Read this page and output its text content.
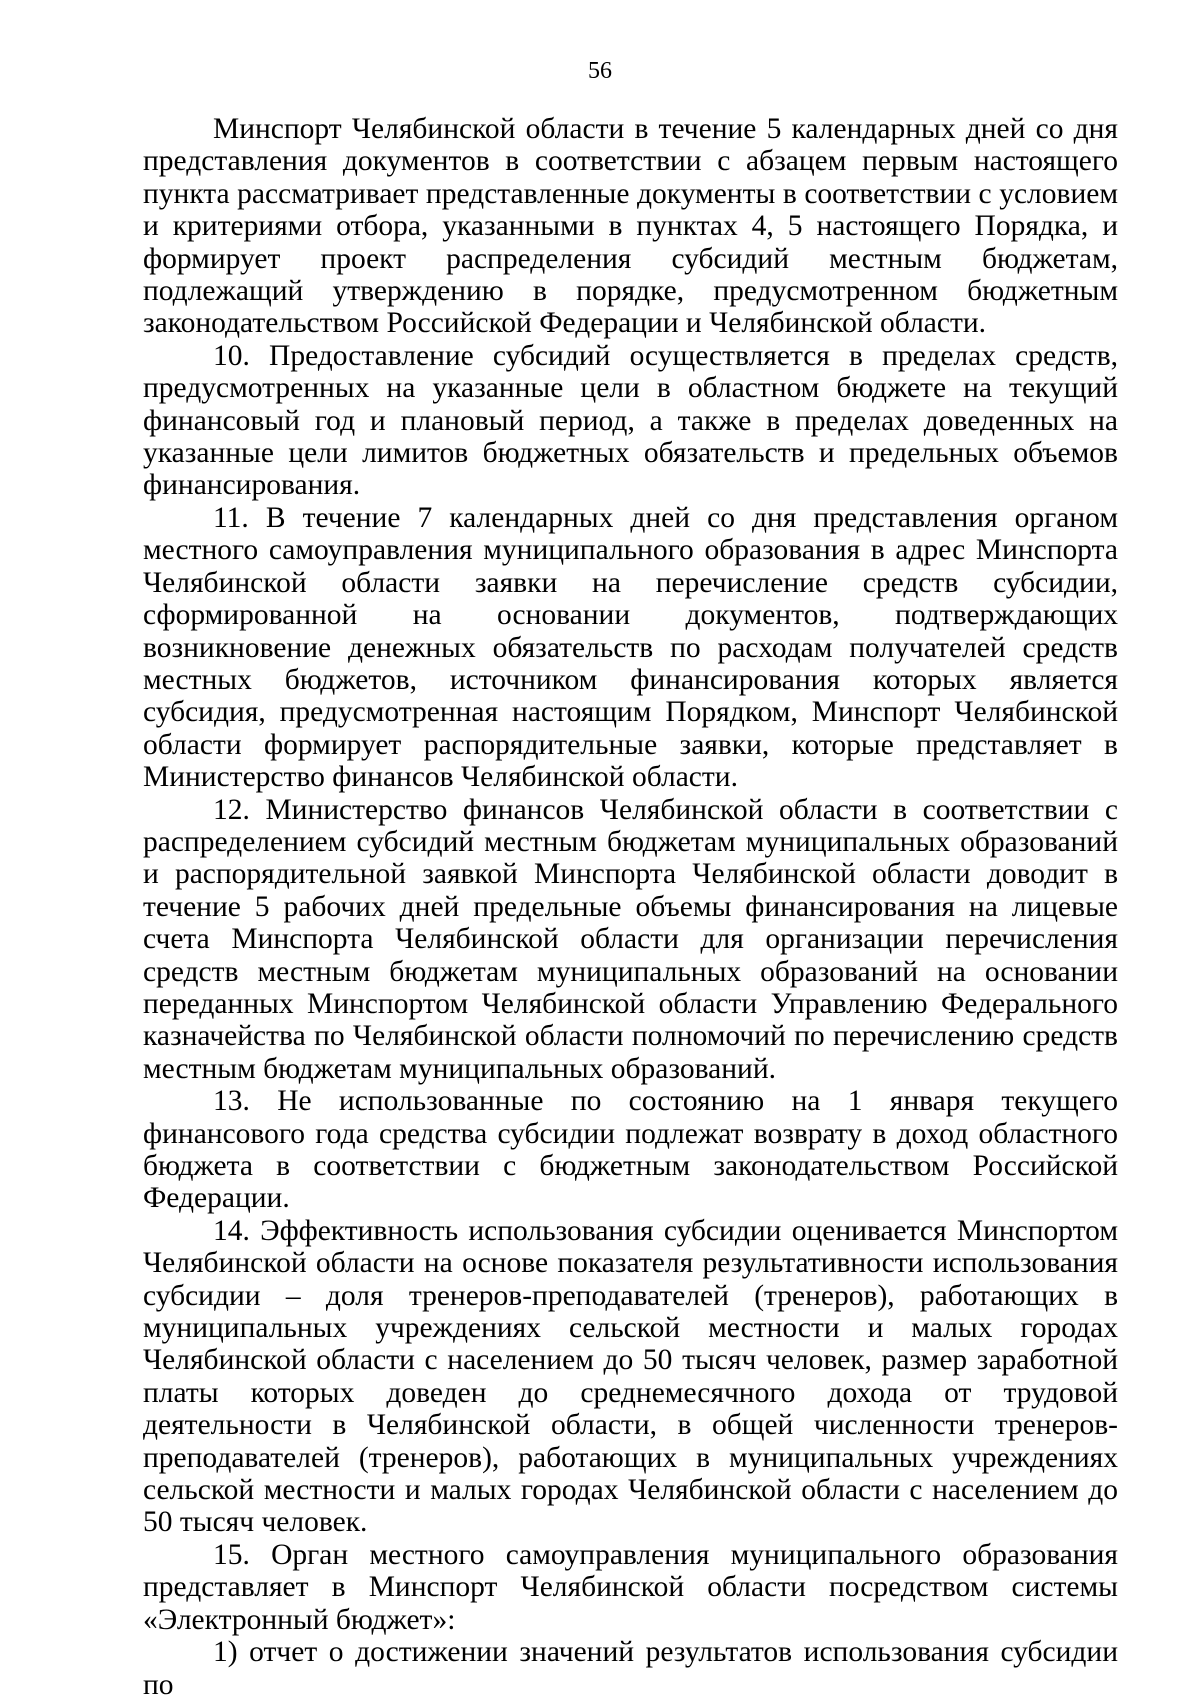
56

Минспорт Челябинской области в течение 5 календарных дней со дня представления документов в соответствии с абзацем первым настоящего пункта рассматривает представленные документы в соответствии с условием и критериями отбора, указанными в пунктах 4, 5 настоящего Порядка, и формирует проект распределения субсидий местным бюджетам, подлежащий утверждению в порядке, предусмотренном бюджетным законодательством Российской Федерации и Челябинской области.

10. Предоставление субсидий осуществляется в пределах средств, предусмотренных на указанные цели в областном бюджете на текущий финансовый год и плановый период, а также в пределах доведенных на указанные цели лимитов бюджетных обязательств и предельных объемов финансирования.

11. В течение 7 календарных дней со дня представления органом местного самоуправления муниципального образования в адрес Минспорта Челябинской области заявки на перечисление средств субсидии, сформированной на основании документов, подтверждающих возникновение денежных обязательств по расходам получателей средств местных бюджетов, источником финансирования которых является субсидия, предусмотренная настоящим Порядком, Минспорт Челябинской области формирует распорядительные заявки, которые представляет в Министерство финансов Челябинской области.

12. Министерство финансов Челябинской области в соответствии с распределением субсидий местным бюджетам муниципальных образований и распорядительной заявкой Минспорта Челябинской области доводит в течение 5 рабочих дней предельные объемы финансирования на лицевые счета Минспорта Челябинской области для организации перечисления средств местным бюджетам муниципальных образований на основании переданных Минспортом Челябинской области Управлению Федерального казначейства по Челябинской области полномочий по перечислению средств местным бюджетам муниципальных образований.

13. Не использованные по состоянию на 1 января текущего финансового года средства субсидии подлежат возврату в доход областного бюджета в соответствии с бюджетным законодательством Российской Федерации.

14. Эффективность использования субсидии оценивается Минспортом Челябинской области на основе показателя результативности использования субсидии – доля тренеров-преподавателей (тренеров), работающих в муниципальных учреждениях сельской местности и малых городах Челябинской области с населением до 50 тысяч человек, размер заработной платы которых доведен до среднемесячного дохода от трудовой деятельности в Челябинской области, в общей численности тренеров-преподавателей (тренеров), работающих в муниципальных учреждениях сельской местности и малых городах Челябинской области с населением до 50 тысяч человек.

15. Орган местного самоуправления муниципального образования представляет в Минспорт Челябинской области посредством системы «Электронный бюджет»:

1) отчет о достижении значений результатов использования субсидии по
